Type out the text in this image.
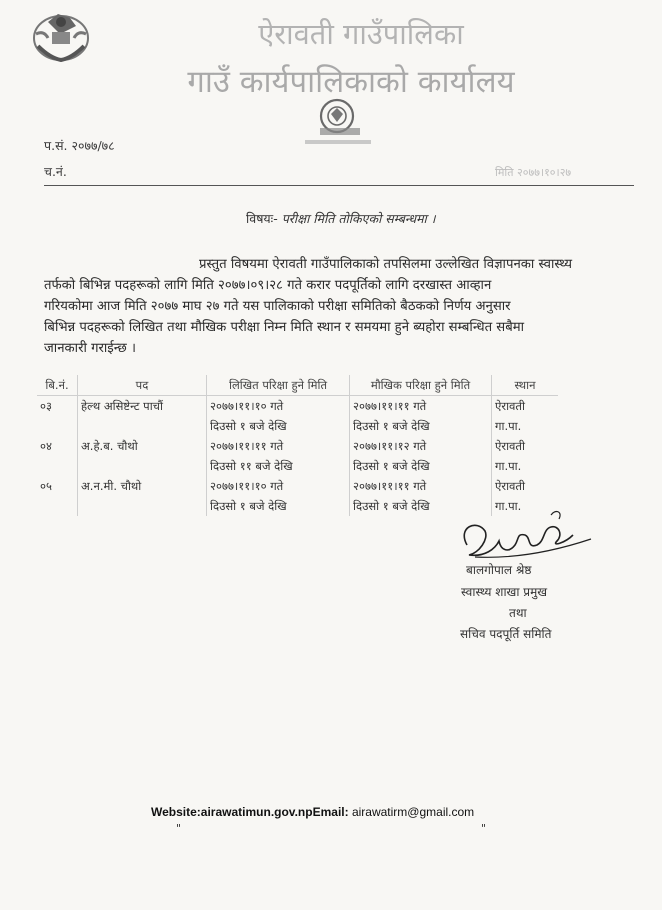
ऐरावती गाउँपालिका
गाउँ कार्यपालिकाको कार्यालय
प.सं. २०७७/७८
च.नं.	मिति २०७७।१०।२७
विषयः- परीक्षा मिति तोकिएको सम्बन्धमा ।
प्रस्तुत विषयमा ऐरावती गाउँपालिकाको तपसिलमा उल्लेखित विज्ञापनका स्वास्थ्य
तर्फको बिभिन्न पदहरूको लागि मिति २०७७।०९।२८ गते करार पदपूर्तिको लागि दरखास्त आव्हान
गरियकोमा आज मिति २०७७ माघ २७ गते यस पालिकाको परीक्षा समितिको बैठकको निर्णय अनुसार
बिभिन्न पदहरूको लिखित तथा मौखिक परीक्षा निम्न मिति स्थान र समयमा हुने ब्यहोरा सम्बन्धित सबैमा
जानकारी गराईन्छ ।
बि.नं.	पद	लिखित परिक्षा हुने मिति	मौखिक परिक्षा हुने मिति	स्थान
०३	हेल्थ असिष्टेन्ट पाचौं	२०७७।११।१० गते	२०७७।११।११ गते	ऐरावती
		दिउसो १ बजे देखि	दिउसो १ बजे देखि	गा.पा.
०४	अ.हे.ब. चौथो	२०७७।११।११ गते	२०७७।११।१२ गते	ऐरावती
		दिउसो ११ बजे देखि	दिउसो १ बजे देखि	गा.पा.
०५	अ.न.मी. चौथो	२०७७।११।१० गते	२०७७।११।११ गते	ऐरावती
		दिउसो १ बजे देखि	दिउसो १ बजे देखि	गा.पा.
बालगोपाल श्रेष्ठ
स्वास्थ्य शाखा प्रमुख
तथा
सचिव पदपूर्ति समिति
Website:airawatimun.gov.npEmail: airawatirm@gmail.com
"	"
